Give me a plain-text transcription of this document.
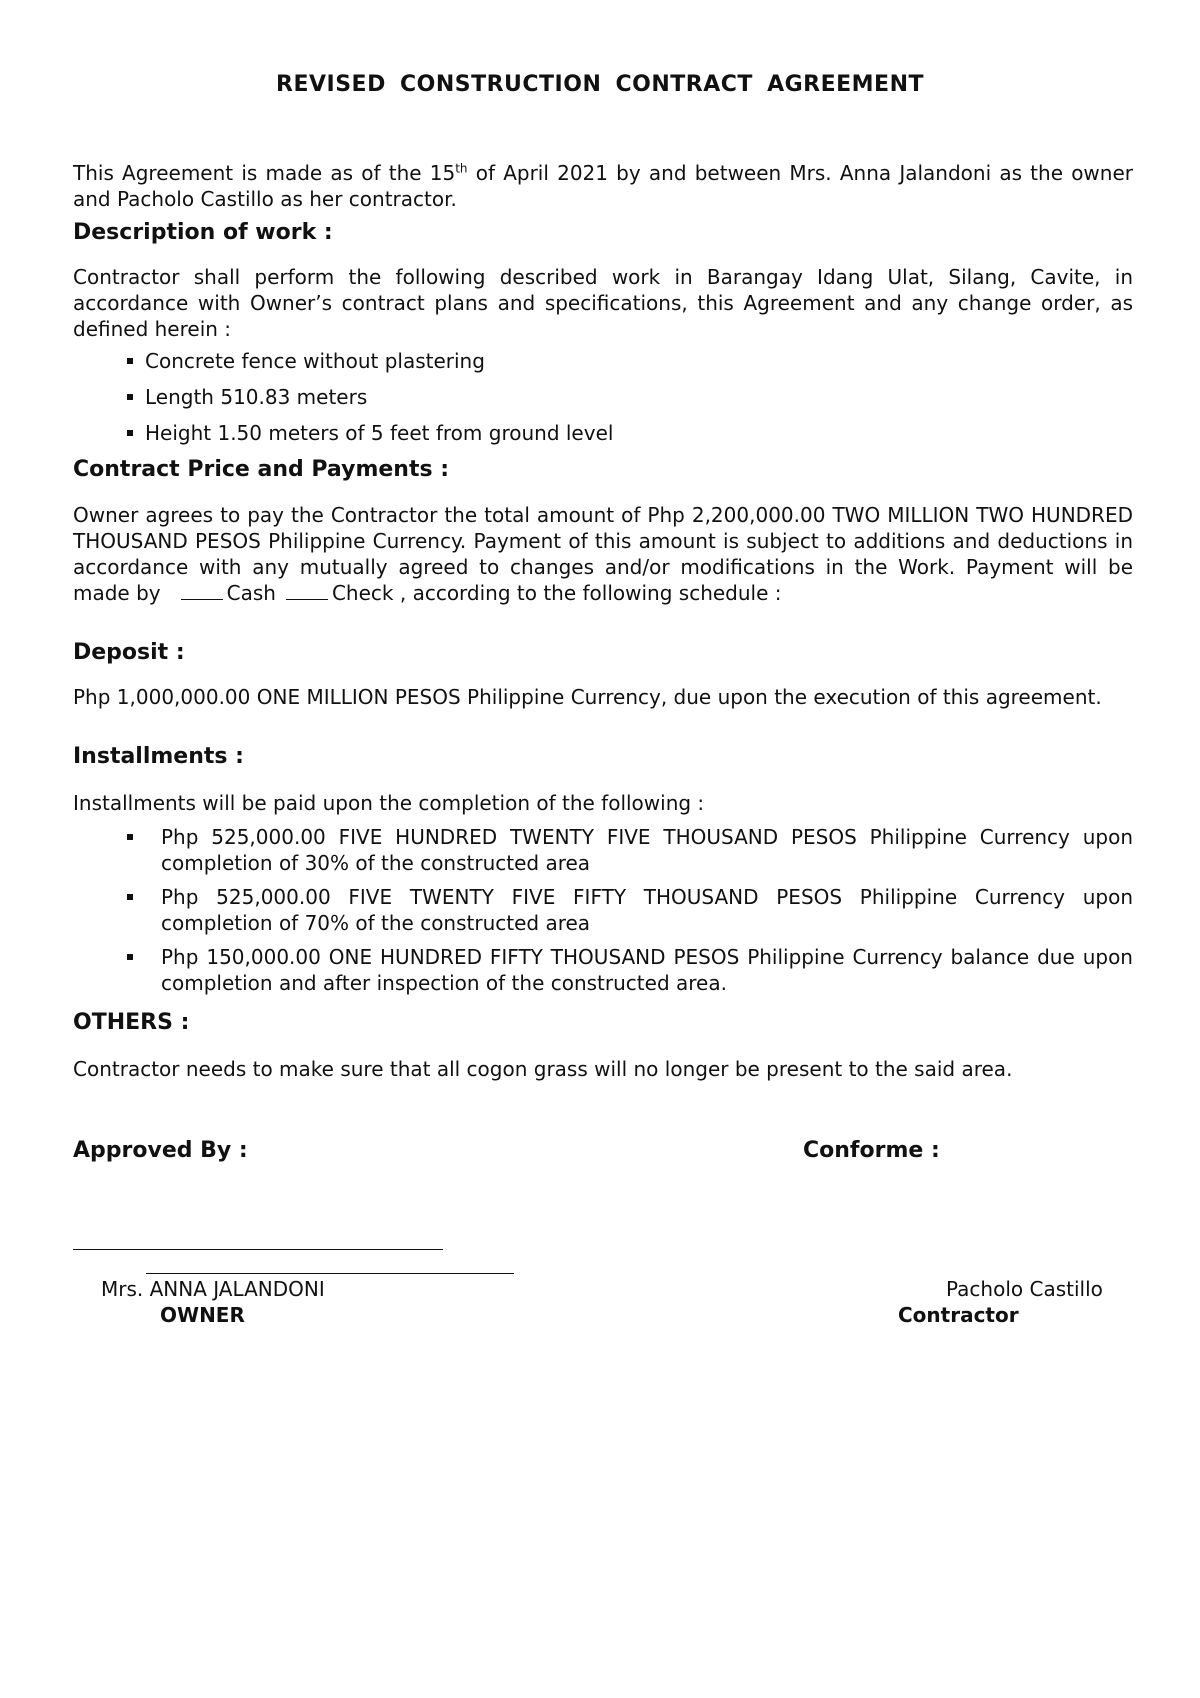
REVISED CONSTRUCTION CONTRACT AGREEMENT
This Agreement is made as of the 15th of April 2021 by and between Mrs. Anna Jalandoni as the owner and Pacholo Castillo as her contractor.
Description of work :
Contractor shall perform the following described work in Barangay Idang Ulat, Silang, Cavite, in accordance with Owner’s contract plans and specifications, this Agreement and any change order, as defined herein :
Concrete fence without plastering
Length 510.83 meters
Height 1.50 meters of 5 feet from ground level
Contract Price and Payments :
Owner agrees to pay the Contractor the total amount of Php 2,200,000.00 TWO MILLION TWO HUNDRED THOUSAND PESOS Philippine Currency. Payment of this amount is subject to additions and deductions in accordance with any mutually agreed to changes and/or modifications in the Work. Payment will be made by	Cash	Check , according to the following schedule :
Deposit :
Php 1,000,000.00 ONE MILLION PESOS Philippine Currency, due upon the execution of this agreement.
Installments :
Installments will be paid upon the completion of the following :
Php 525,000.00 FIVE HUNDRED TWENTY FIVE THOUSAND PESOS Philippine Currency upon completion of 30% of the constructed area
Php 525,000.00 FIVE TWENTY FIVE FIFTY THOUSAND PESOS Philippine Currency upon completion of 70% of the constructed area
Php 150,000.00 ONE HUNDRED FIFTY THOUSAND PESOS Philippine Currency balance due upon completion and after inspection of the constructed area.
OTHERS :
Contractor needs to make sure that all cogon grass will no longer be present to the said area.
Approved By :	Conforme :
Mrs. ANNA JALANDONI
OWNER
Pacholo Castillo
Contractor
